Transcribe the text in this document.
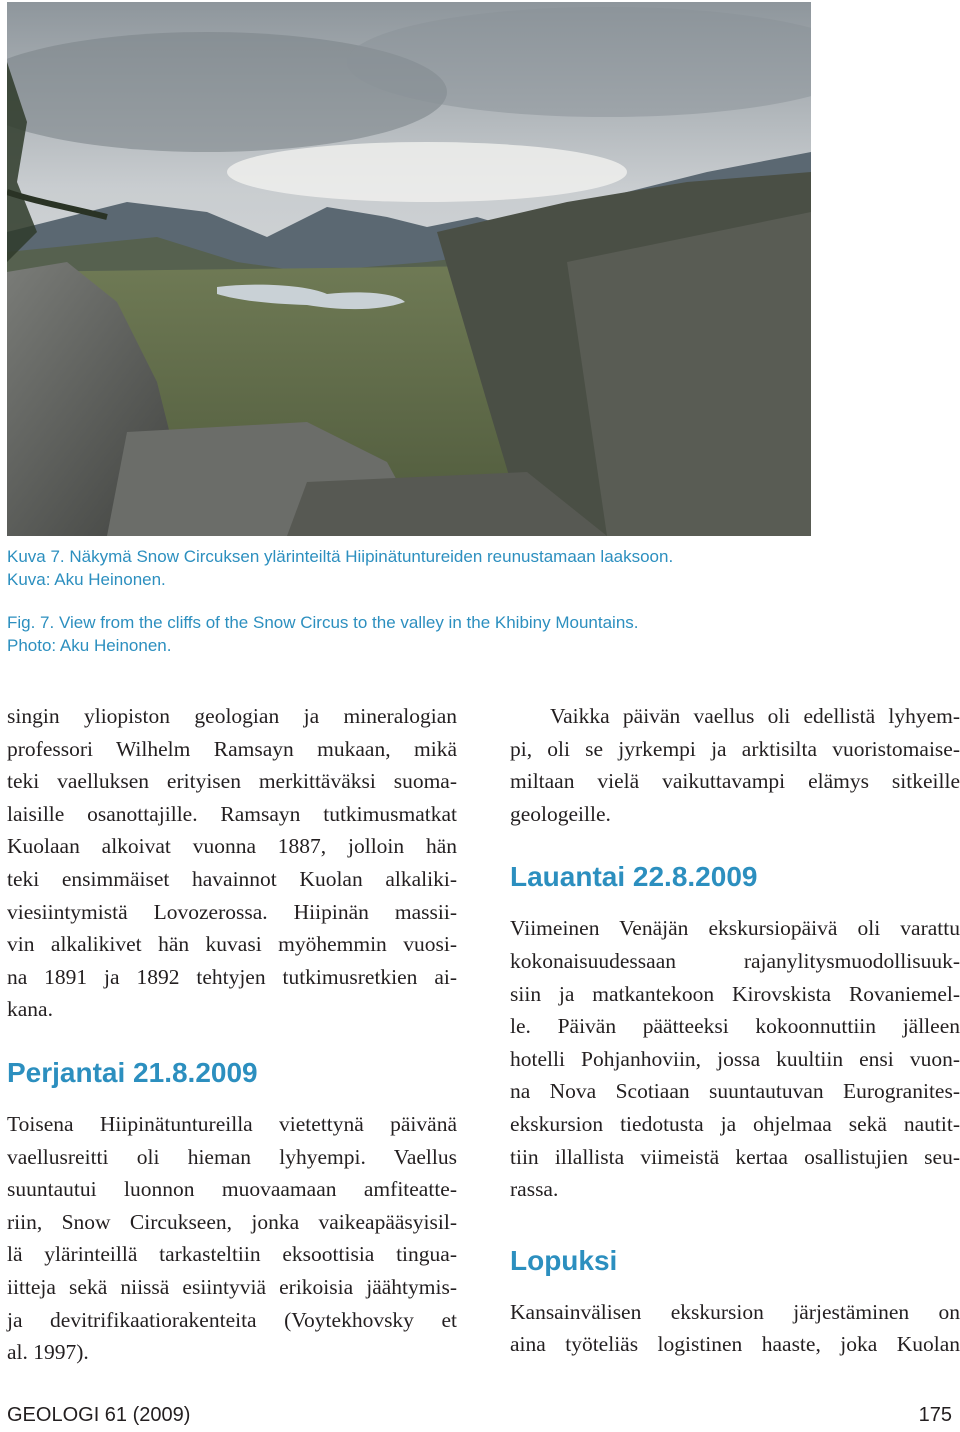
Kuva 7. Näkymä Snow Circuksen ylärinteiltä Hiipinätuntureiden reunustamaan laaksoon.
Kuva: Aku Heinonen.
Fig. 7. View from the cliffs of the Snow Circus to the valley in the Khibiny Mountains.
Photo: Aku Heinonen.
singin yliopiston geologian ja mineralogian
professori Wilhelm Ramsayn mukaan, mikä
teki vaelluksen erityisen merkittäväksi suoma-
laisille osanottajille. Ramsayn tutkimusmatkat
Kuolaan alkoivat vuonna 1887, jolloin hän
teki ensimmäiset havainnot Kuolan alkaliki-
viesiintymistä Lovozerossa. Hiipinän massii-
vin alkalikivet hän kuvasi myöhemmin vuosi-
na 1891 ja 1892 tehtyjen tutkimusretkien ai-
kana.
Perjantai 21.8.2009
Toisena Hiipinätuntureilla vietettynä päivänä
vaellusreitti oli hieman lyhyempi. Vaellus
suuntautui luonnon muovaamaan amfiteatte-
riin, Snow Circukseen, jonka vaikeapääsyisil-
lä ylärinteillä tarkasteltiin eksoottisia tingua-
iitteja sekä niissä esiintyviä erikoisia jäähtymis-
ja devitrifikaatiorakenteita (Voytekhovsky et
al. 1997).
Vaikka päivän vaellus oli edellistä lyhyem-
pi, oli se jyrkempi ja arktisilta vuoristomaise-
miltaan vielä vaikuttavampi elämys sitkeille
geologeille.
Lauantai 22.8.2009
Viimeinen Venäjän ekskursiopäivä oli varattu
kokonaisuudessaan rajanylitysmuodollisuuk-
siin ja matkantekoon Kirovskista Rovaniemel-
le. Päivän päätteeksi kokoonnuttiin jälleen
hotelli Pohjanhoviin, jossa kuultiin ensi vuon-
na Nova Scotiaan suuntautuvan Eurogranites-
ekskursion tiedotusta ja ohjelmaa sekä nautit-
tiin illallista viimeistä kertaa osallistujien seu-
rassa.
Lopuksi
Kansainvälisen ekskursion järjestäminen on
aina työteliäs logistinen haaste, joka Kuolan
GEOLOGI 61 (2009)	175
